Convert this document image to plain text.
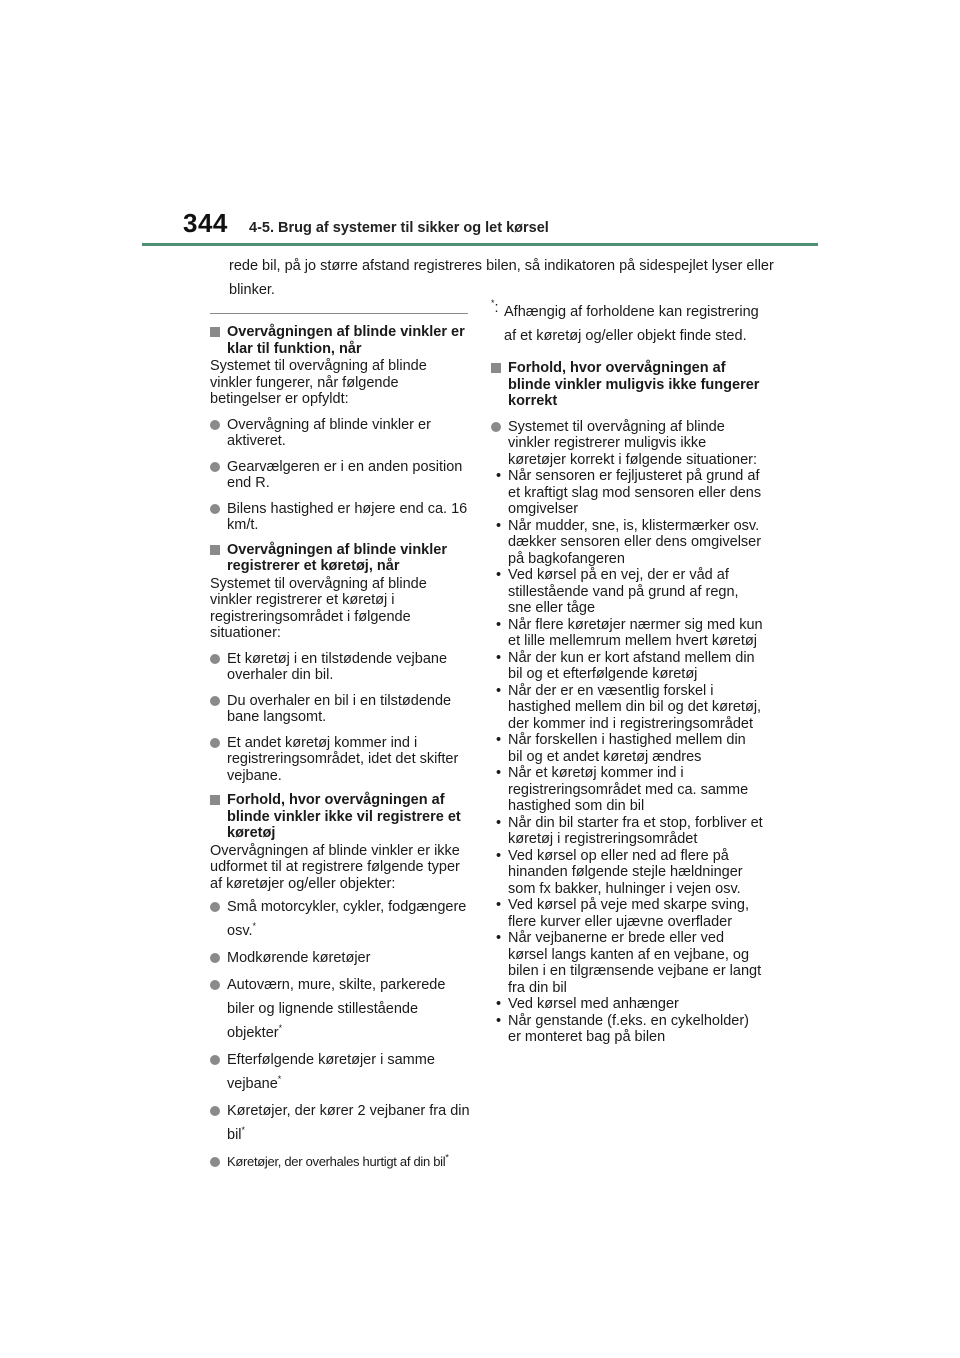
344 4-5. Brug af systemer til sikker og let kørsel
rede bil, på jo større afstand registreres bilen, så indikatoren på sidespejlet lyser eller blinker.
Overvågningen af blinde vinkler er klar til funktion, når
Systemet til overvågning af blinde vinkler fungerer, når følgende betingelser er opfyldt:
Overvågning af blinde vinkler er aktiveret.
Gearvælgeren er i en anden position end R.
Bilens hastighed er højere end ca. 16 km/t.
Overvågningen af blinde vinkler registrerer et køretøj, når
Systemet til overvågning af blinde vinkler registrerer et køretøj i registreringsområdet i følgende situationer:
Et køretøj i en tilstødende vejbane overhaler din bil.
Du overhaler en bil i en tilstødende bane langsomt.
Et andet køretøj kommer ind i registreringsområdet, idet det skifter vejbane.
Forhold, hvor overvågningen af blinde vinkler ikke vil registrere et køretøj
Overvågningen af blinde vinkler er ikke udformet til at registrere følgende typer af køretøjer og/eller objekter:
Små motorcykler, cykler, fodgængere osv.*
Modkørende køretøjer
Autoværn, mure, skilte, parkerede biler og lignende stillestående objekter*
Efterfølgende køretøjer i samme vejbane*
Køretøjer, der kører 2 vejbaner fra din bil*
Køretøjer, der overhales hurtigt af din bil*
*: Afhængig af forholdene kan registrering af et køretøj og/eller objekt finde sted.
Forhold, hvor overvågningen af blinde vinkler muligvis ikke fungerer korrekt
Systemet til overvågning af blinde vinkler registrerer muligvis ikke køretøjer korrekt i følgende situationer:
• Når sensoren er fejljusteret på grund af et kraftigt slag mod sensoren eller dens omgivelser
• Når mudder, sne, is, klistermærker osv. dækker sensoren eller dens omgivelser på bagkofangeren
• Ved kørsel på en vej, der er våd af stillestående vand på grund af regn, sne eller tåge
• Når flere køretøjer nærmer sig med kun et lille mellemrum mellem hvert køretøj
• Når der kun er kort afstand mellem din bil og et efterfølgende køretøj
• Når der er en væsentlig forskel i hastighed mellem din bil og det køretøj, der kommer ind i registreringsområdet
• Når forskellen i hastighed mellem din bil og et andet køretøj ændres
• Når et køretøj kommer ind i registreringsområdet med ca. samme hastighed som din bil
• Når din bil starter fra et stop, forbliver et køretøj i registreringsområdet
• Ved kørsel op eller ned ad flere på hinanden følgende stejle hældninger som fx bakker, hulninger i vejen osv.
• Ved kørsel på veje med skarpe sving, flere kurver eller ujævne overflader
• Når vejbanerne er brede eller ved kørsel langs kanten af en vejbane, og bilen i en tilgrænsende vejbane er langt fra din bil
• Ved kørsel med anhænger
• Når genstande (f.eks. en cykelholder) er monteret bag på bilen
